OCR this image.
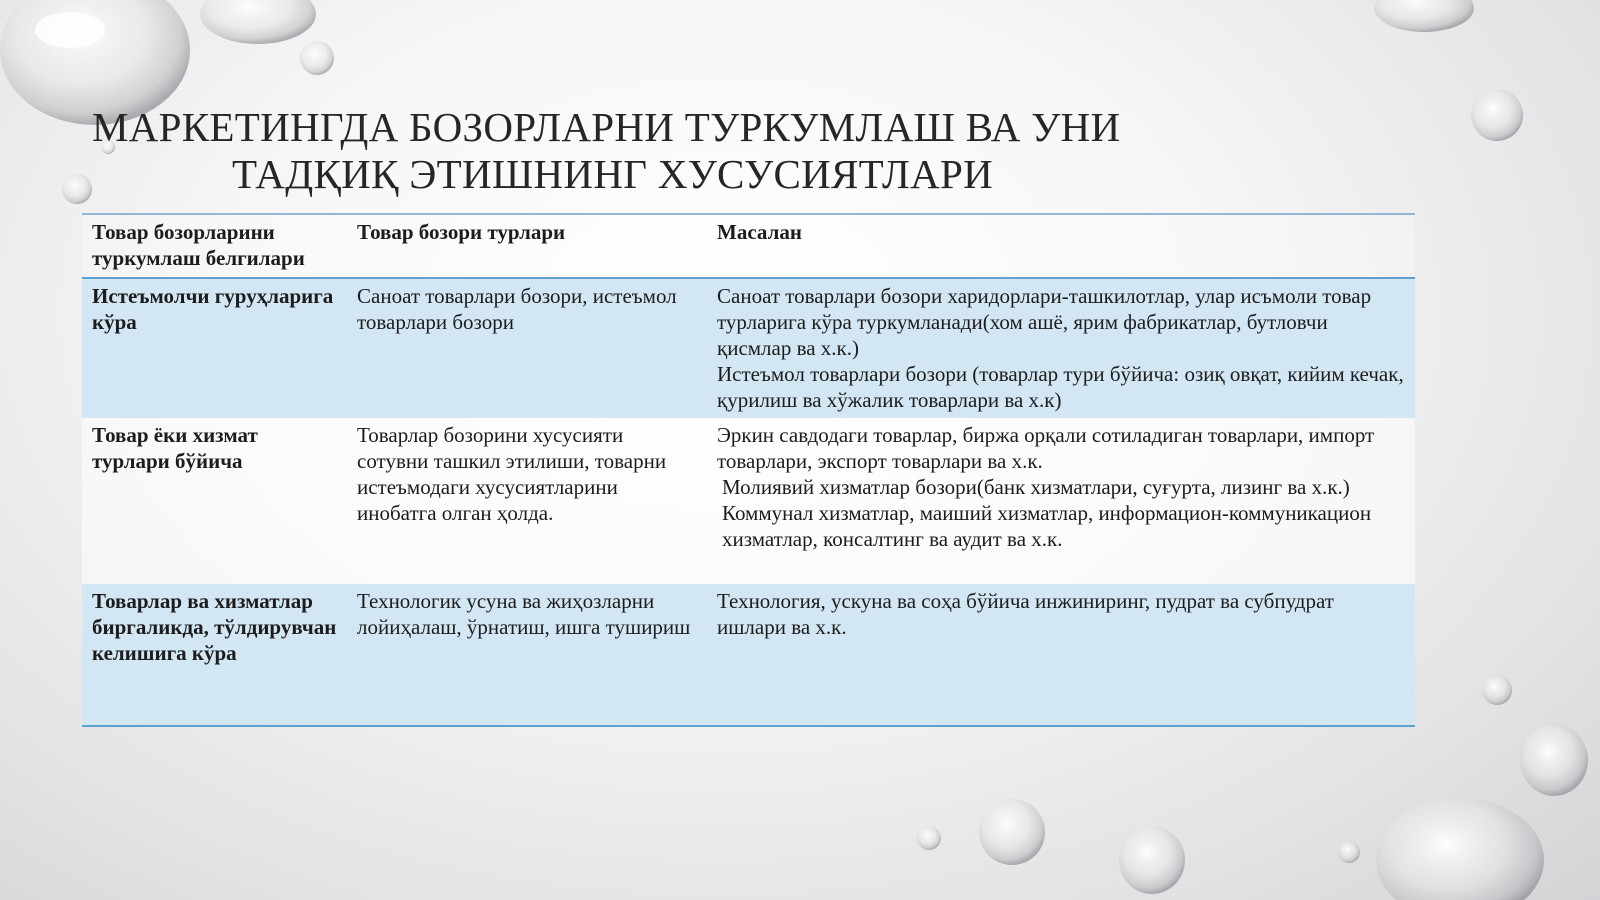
МАРКЕТИНГДА БОЗОРЛАРНИ ТУРКУМЛАШ ВА УНИ
ТАДҚИҚ ЭТИШНИНГ ХУСУСИЯТЛАРИ
Товар бозорларини туркумлаш белгилари	Товар бозори турлари	Масалан
Истеъмолчи гуруҳларига кўра	Саноат товарлари бозори, истеъмол товарлари бозори	Саноат товарлари бозори харидорлари-ташкилотлар, улар исъмоли товар турларига кўра туркумланади(хом ашё, ярим фабрикатлар, бутловчи қисмлар ва х.к.)
Истеъмол товарлари бозори (товарлар тури бўйича: озиқ овқат, кийим кечак, қурилиш ва хўжалик товарлари ва х.к)

Товар ёки хизмат турлари бўйича	Товарлар бозорини хусусияти сотувни ташкил этилиши, товарни истеъмодаги хусусиятларини инобатга олган ҳолда.	Эркин савдодаги товарлар, биржа орқали сотиладиган товарлари, импорт товарлари, экспорт товарлари ва х.к.
Молиявий хизматлар бозори(банк хизматлари, суғурта, лизинг ва х.к.) Коммунал хизматлар, маиший хизматлар, информацион-коммуникацион хизматлар, консалтинг ва аудит ва х.к.

Товарлар ва хизматлар биргаликда, тўлдирувчан келишига кўра	Технологик усуна ва жиҳозларни лойиҳалаш, ўрнатиш, ишга тушириш	Технология, ускуна ва соҳа бўйича инжиниринг, пудрат ва субпудрат ишлари ва х.к.
